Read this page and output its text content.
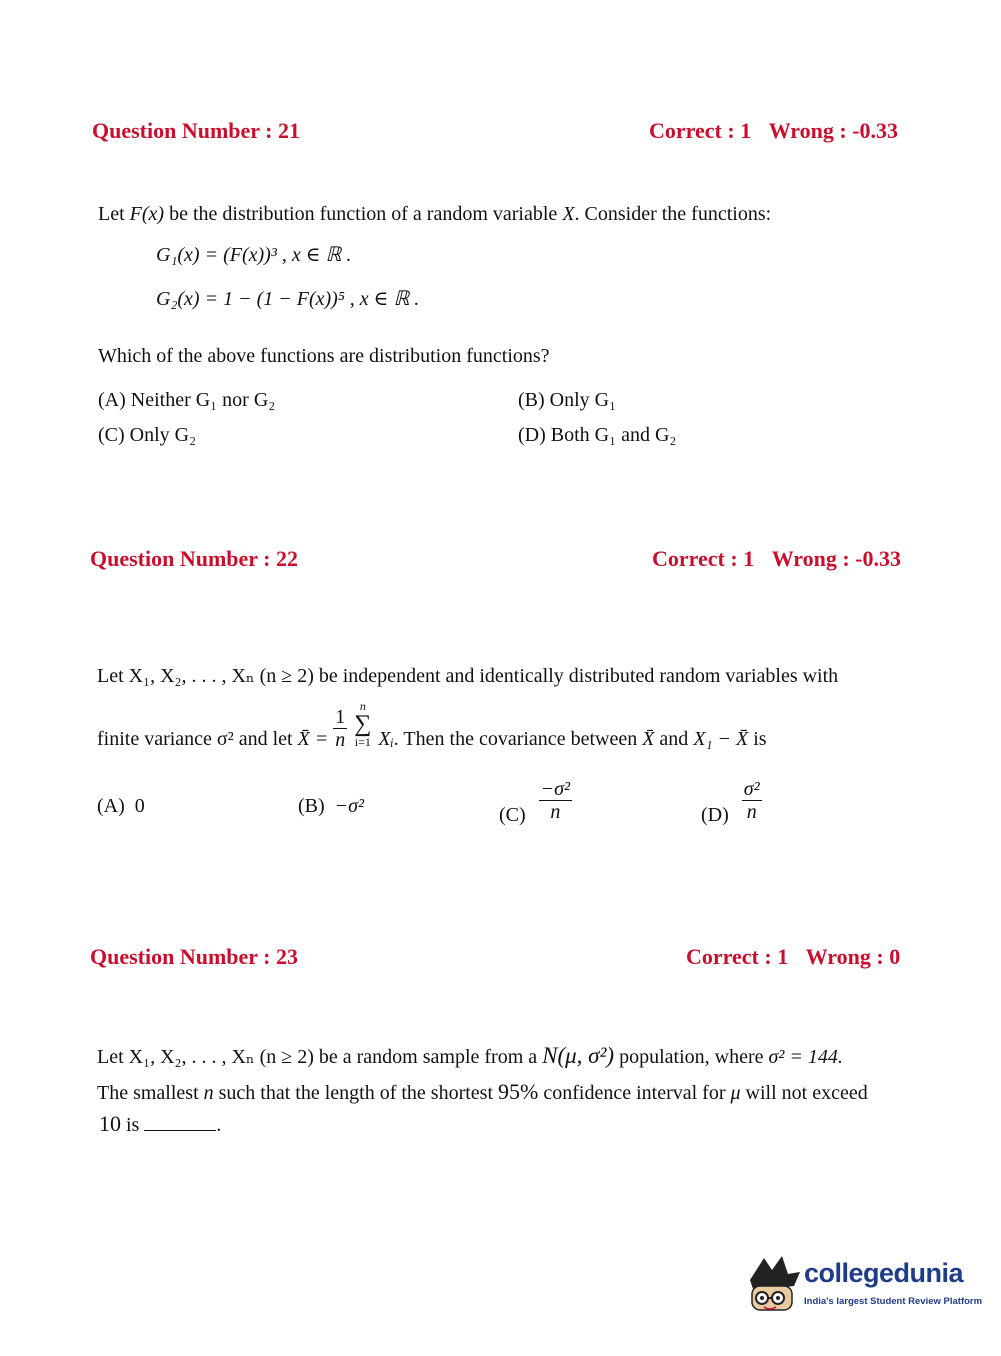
Question Number : 21	Correct : 1 Wrong : -0.33
Let F(x) be the distribution function of a random variable X. Consider the functions:
G₁(x) = (F(x))³ , x ∈ ℝ .
G₂(x) = 1 − (1 − F(x))⁵ , x ∈ ℝ .
Which of the above functions are distribution functions?
(A) Neither G₁ nor G₂	(B) Only G₁
(C) Only G₂	(D) Both G₁ and G₂
Question Number : 22	Correct : 1 Wrong : -0.33
Let X₁, X₂, . . . , Xₙ (n ≥ 2) be independent and identically distributed random variables with
finite variance σ² and let X̄ = $\frac{1}{n}$
	n
∑
i=1 Xᵢ. Then the covariance between X̄ and X₁ − X̄ is
(A) 0	(B) −σ²	$(C) \frac{\text{−σ²}}{n}$	$(D) \frac{\text{σ²}}{n}$
Question Number : 23	Correct : 1 Wrong : 0
Let X₁, X₂, . . . , Xₙ (n ≥ 2) be a random sample from a N(μ, σ²) population, where σ² = 144.
The smallest n such that the length of the shortest 95% confidence interval for μ will not exceed
10 is	.
collegedunia
India's largest Student Review Platform
